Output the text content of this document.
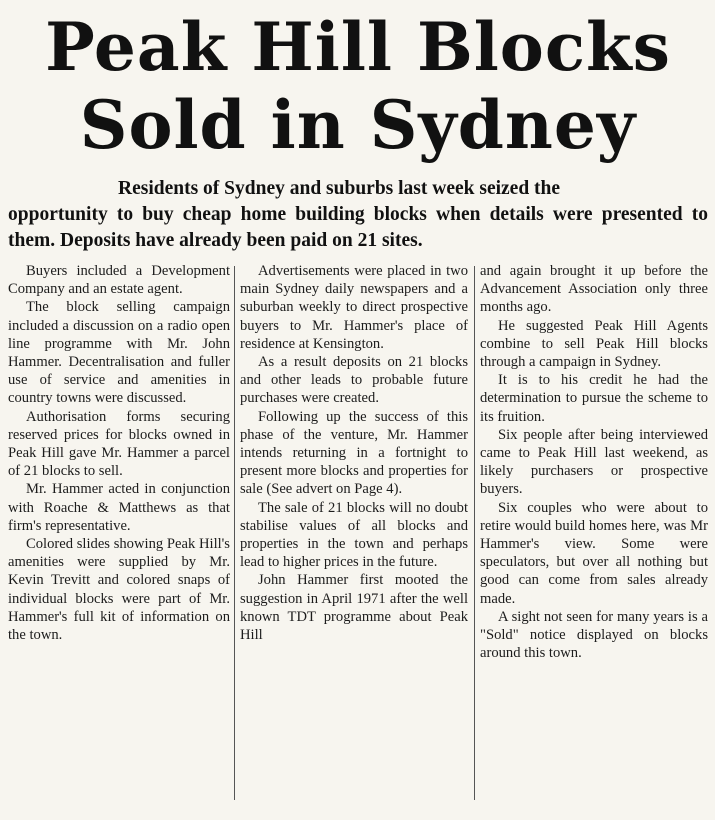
Peak Hill Blocks
Sold in Sydney

Residents of Sydney and suburbs last week seized the
opportunity to buy cheap home building blocks when details were presented to them. Deposits have already been paid on 21 sites.

Buyers included a Development Company and an estate agent.

The block selling campaign included a discussion on a radio open line programme with Mr. John Hammer. Decentralisation and fuller use of service and amenities in country towns were discussed.

Authorisation forms securing reserved prices for blocks owned in Peak Hill gave Mr. Hammer a parcel of 21 blocks to sell.

Mr. Hammer acted in conjunction with Roache & Matthews as that firm's representative.

Colored slides showing Peak Hill's amenities were supplied by Mr. Kevin Trevitt and colored snaps of individual blocks were part of Mr. Hammer's full kit of information on the town.

Advertisements were placed in two main Sydney daily newspapers and a suburban weekly to direct prospective buyers to Mr. Hammer's place of residence at Kensington.

As a result deposits on 21 blocks and other leads to probable future purchases were created.

Following up the success of this phase of the venture, Mr. Hammer intends returning in a fortnight to present more blocks and properties for sale (See advert on Page 4).

The sale of 21 blocks will no doubt stabilise values of all blocks and properties in the town and perhaps lead to higher prices in the future.

John Hammer first mooted the suggestion in April 1971 after the well known TDT programme about Peak Hill

and again brought it up before the Advancement Association only three months ago.

He suggested Peak Hill Agents combine to sell Peak Hill blocks through a campaign in Sydney.

It is to his credit he had the determination to pursue the scheme to its fruition.

Six people after being interviewed came to Peak Hill last weekend, as likely purchasers or prospective buyers.

Six couples who were about to retire would build homes here, was Mr Hammer's view. Some were speculators, but over all nothing but good can come from sales already made.

A sight not seen for many years is a "Sold" notice displayed on blocks around this town.
